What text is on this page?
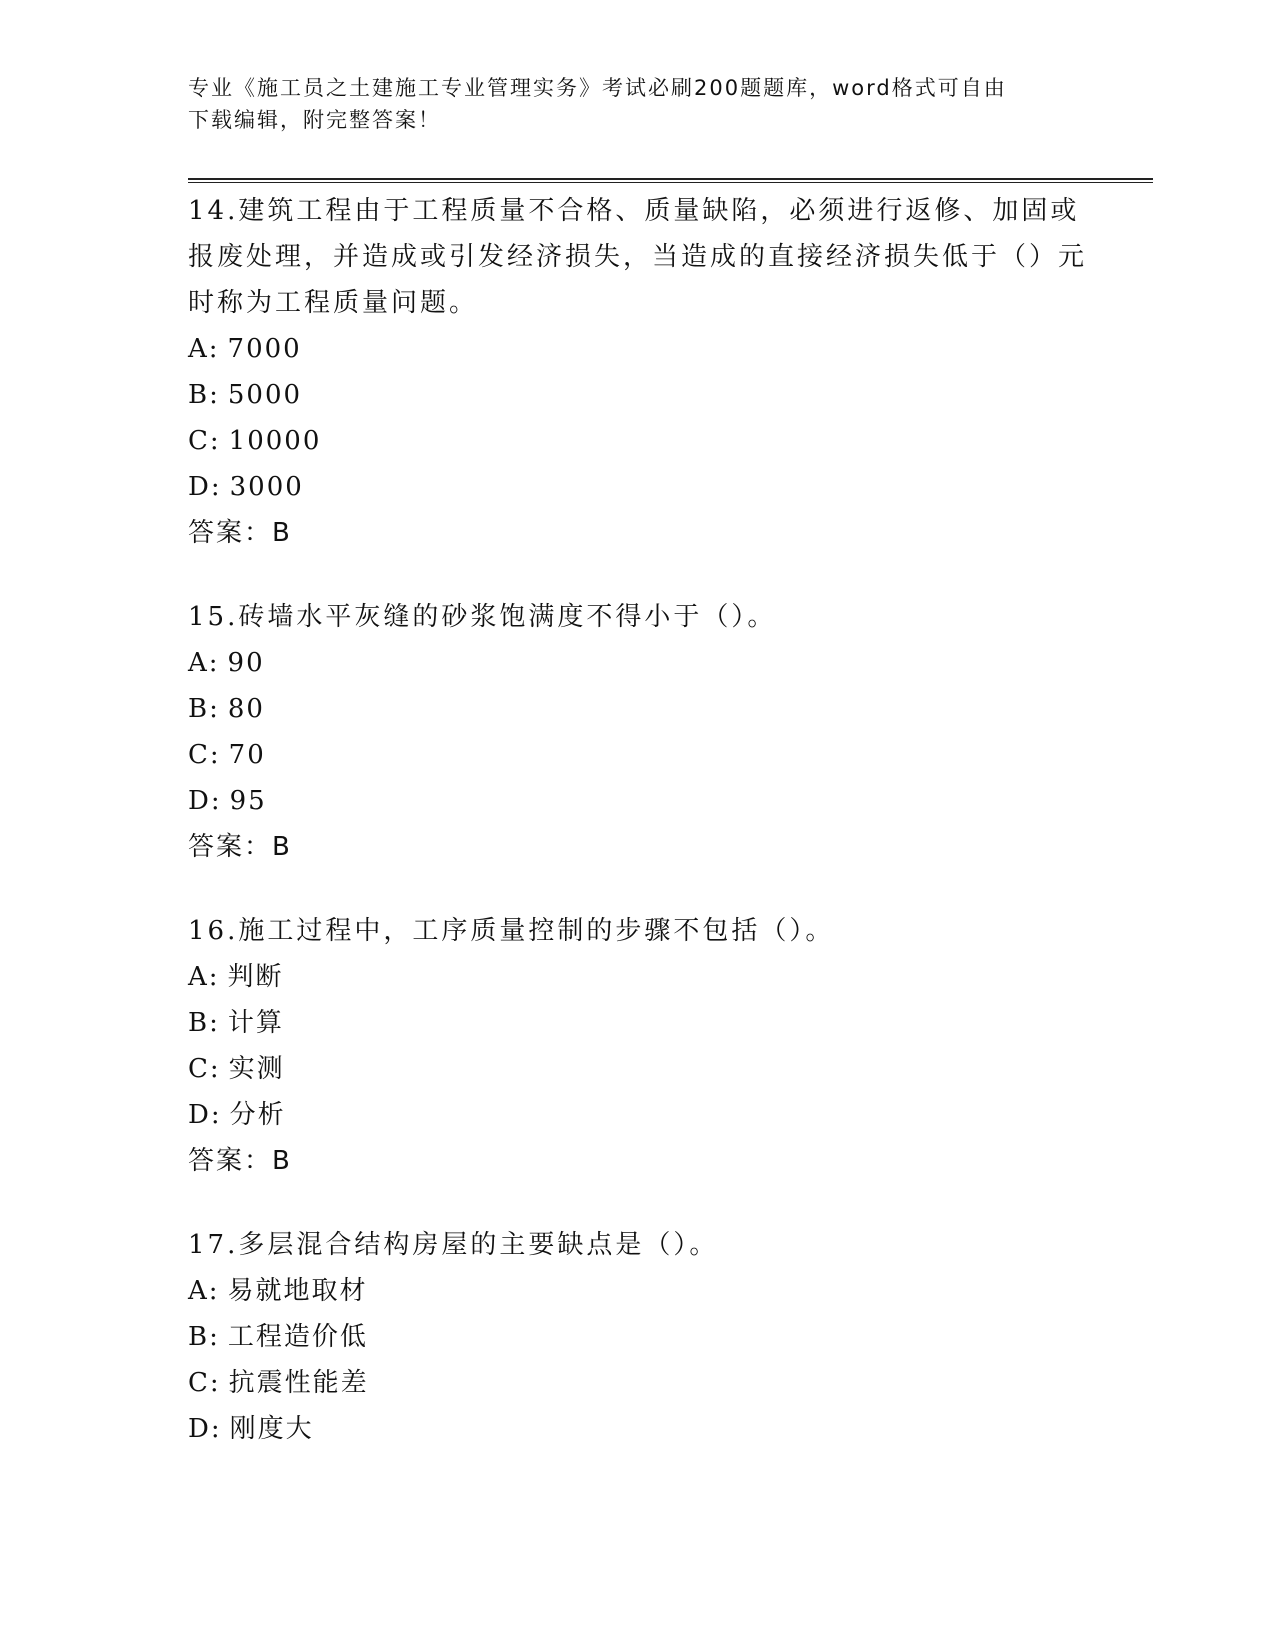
专业《施工员之土建施工专业管理实务》考试必刷200题题库，word格式可自由
下载编辑，附完整答案！

14.建筑工程由于工程质量不合格、质量缺陷，必须进行返修、加固或报废处理，并造成或引发经济损失，当造成的直接经济损失低于（）元时称为工程质量问题。

A: 7000

B: 5000

C: 10000

D: 3000

答案：B

15.砖墙水平灰缝的砂浆饱满度不得小于（）。

A: 90

B: 80

C: 70

D: 95

答案：B

16.施工过程中，工序质量控制的步骤不包括（）。

A: 判断

B: 计算

C: 实测

D: 分析

答案：B

17.多层混合结构房屋的主要缺点是（）。

A: 易就地取材

B: 工程造价低

C: 抗震性能差

D: 刚度大
